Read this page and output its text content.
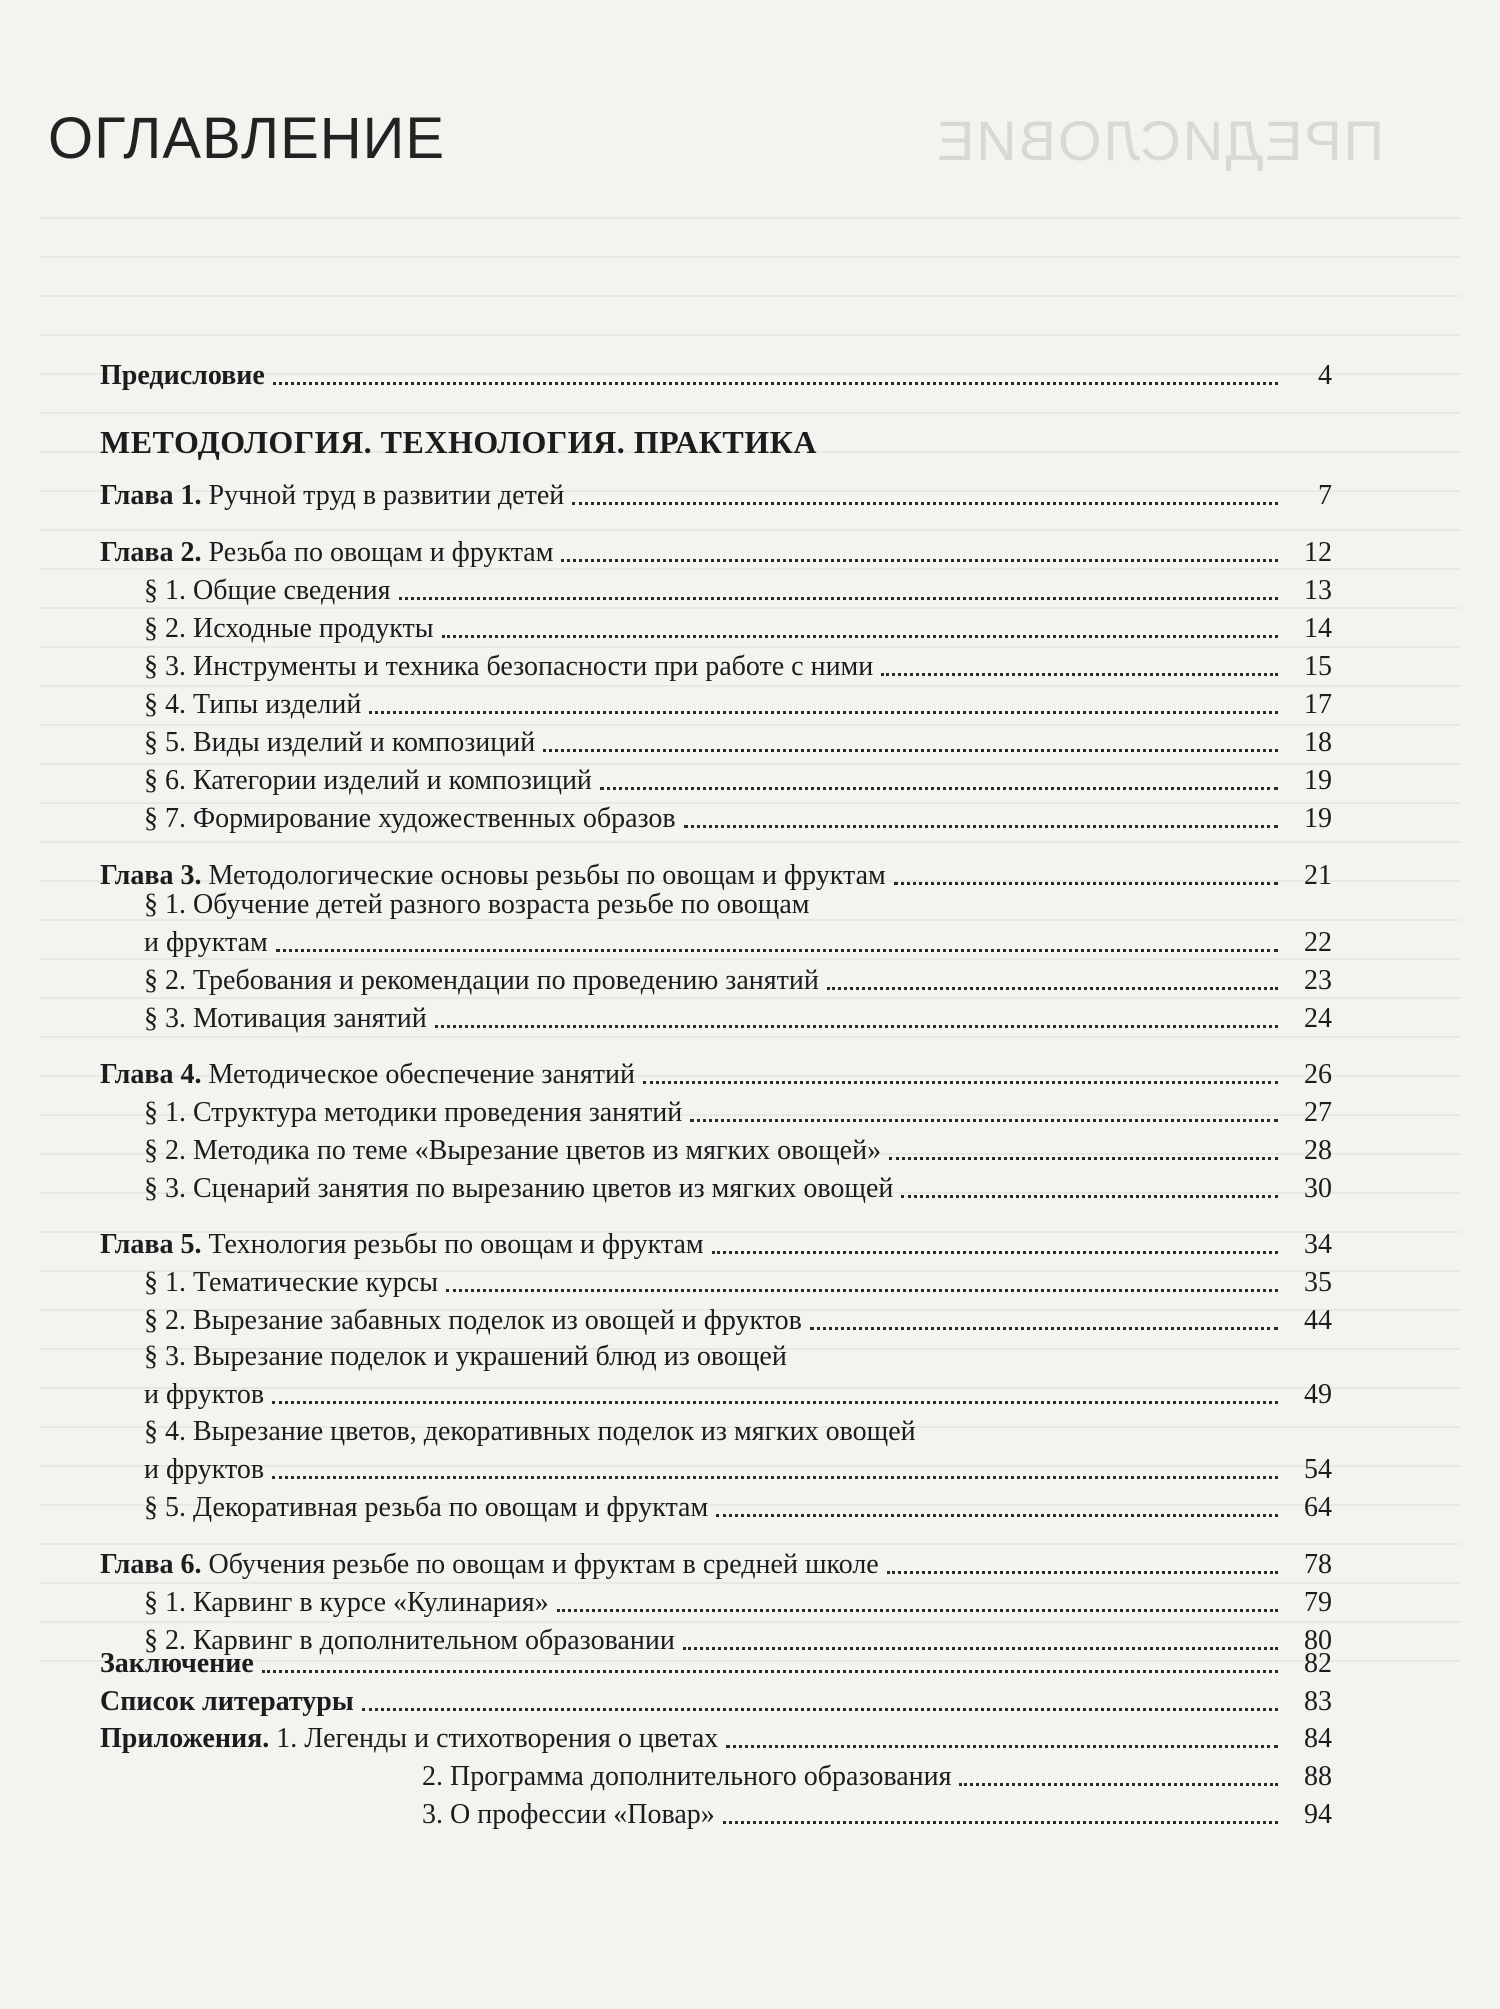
ПРЕДИСЛОВИЕ
ОГЛАВЛЕНИЕ
Предисловие	4
МЕТОДОЛОГИЯ. ТЕХНОЛОГИЯ. ПРАКТИКА
Глава 1. Ручной труд в развитии детей	7
Глава 2. Резьба по овощам и фруктам	12
§ 1. Общие сведения	13
§ 2. Исходные продукты	14
§ 3. Инструменты и техника безопасности при работе с ними	15
§ 4. Типы изделий	17
§ 5. Виды изделий и композиций	18
§ 6. Категории изделий и композиций	19
§ 7. Формирование художественных образов	19
Глава 3. Методологические основы резьбы по овощам и фруктам	21
§ 1. Обучение детей разного возраста резьбе по овощам
и фруктам	22
§ 2. Требования и рекомендации по проведению занятий	23
§ 3. Мотивация занятий	24
Глава 4. Методическое обеспечение занятий	26
§ 1. Структура методики проведения занятий	27
§ 2. Методика по теме «Вырезание цветов из мягких овощей»	28
§ 3. Сценарий занятия по вырезанию цветов из мягких овощей	30
Глава 5. Технология резьбы по овощам и фруктам	34
§ 1. Тематические курсы	35
§ 2. Вырезание забавных поделок из овощей и фруктов	44
§ 3. Вырезание поделок и украшений блюд из овощей
и фруктов	49
§ 4. Вырезание цветов, декоративных поделок из мягких овощей
и фруктов	54
§ 5. Декоративная резьба по овощам и фруктам	64
Глава 6. Обучения резьбе по овощам и фруктам в средней школе	78
§ 1. Карвинг в курсе «Кулинария»	79
§ 2. Карвинг в дополнительном образовании	80
Заключение	82
Список литературы	83
Приложения. 1. Легенды и стихотворения о цветах	84
2. Программа дополнительного образования	88
3. О профессии «Повар»	94
